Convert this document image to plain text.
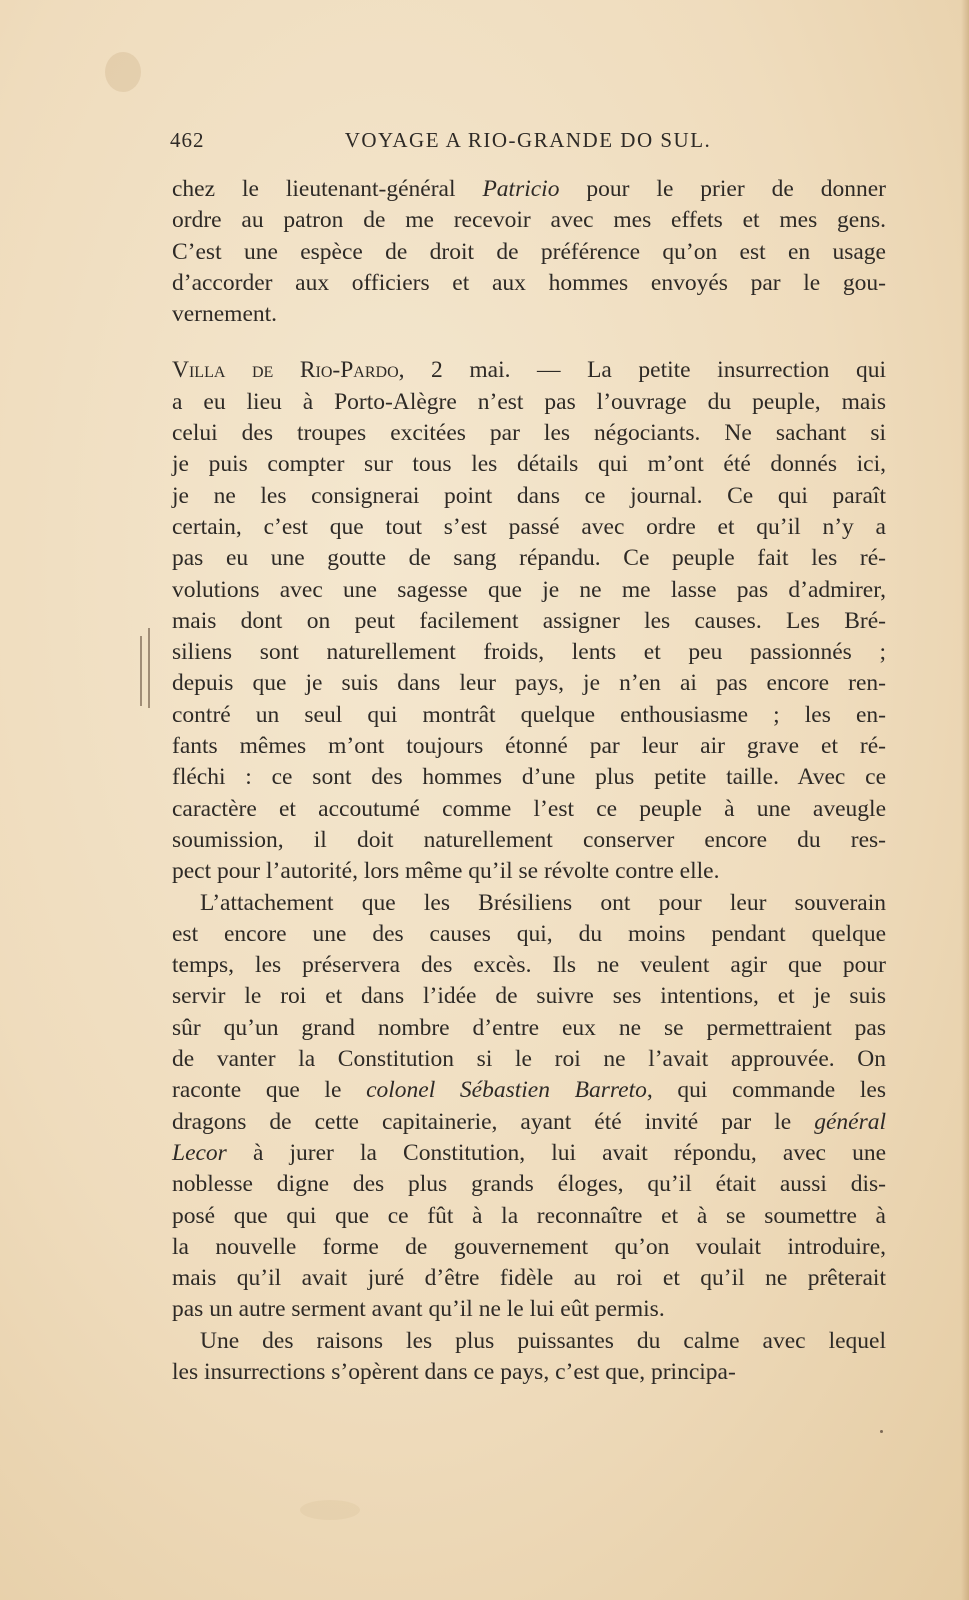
462	VOYAGE A RIO-GRANDE DO SUL.
chez le lieutenant-général Patricio pour le prier de donner
ordre au patron de me recevoir avec mes effets et mes gens.
C’est une espèce de droit de préférence qu’on est en usage
d’accorder aux officiers et aux hommes envoyés par le gou-
vernement.
Villa de Rio-Pardo, 2 mai. — La petite insurrection qui
a eu lieu à Porto-Alègre n’est pas l’ouvrage du peuple, mais
celui des troupes excitées par les négociants. Ne sachant si
je puis compter sur tous les détails qui m’ont été donnés ici,
je ne les consignerai point dans ce journal. Ce qui paraît
certain, c’est que tout s’est passé avec ordre et qu’il n’y a
pas eu une goutte de sang répandu. Ce peuple fait les ré-
volutions avec une sagesse que je ne me lasse pas d’admirer,
mais dont on peut facilement assigner les causes. Les Bré-
siliens sont naturellement froids, lents et peu passionnés ;
depuis que je suis dans leur pays, je n’en ai pas encore ren-
contré un seul qui montrât quelque enthousiasme ; les en-
fants mêmes m’ont toujours étonné par leur air grave et ré-
fléchi : ce sont des hommes d’une plus petite taille. Avec ce
caractère et accoutumé comme l’est ce peuple à une aveugle
soumission, il doit naturellement conserver encore du res-
pect pour l’autorité, lors même qu’il se révolte contre elle.
L’attachement que les Brésiliens ont pour leur souverain
est encore une des causes qui, du moins pendant quelque
temps, les préservera des excès. Ils ne veulent agir que pour
servir le roi et dans l’idée de suivre ses intentions, et je suis
sûr qu’un grand nombre d’entre eux ne se permettraient pas
de vanter la Constitution si le roi ne l’avait approuvée. On
raconte que le colonel Sébastien Barreto, qui commande les
dragons de cette capitainerie, ayant été invité par le général
Lecor à jurer la Constitution, lui avait répondu, avec une
noblesse digne des plus grands éloges, qu’il était aussi dis-
posé que qui que ce fût à la reconnaître et à se soumettre à
la nouvelle forme de gouvernement qu’on voulait introduire,
mais qu’il avait juré d’être fidèle au roi et qu’il ne prêterait
pas un autre serment avant qu’il ne le lui eût permis.
Une des raisons les plus puissantes du calme avec lequel
les insurrections s’opèrent dans ce pays, c’est que, principa-
